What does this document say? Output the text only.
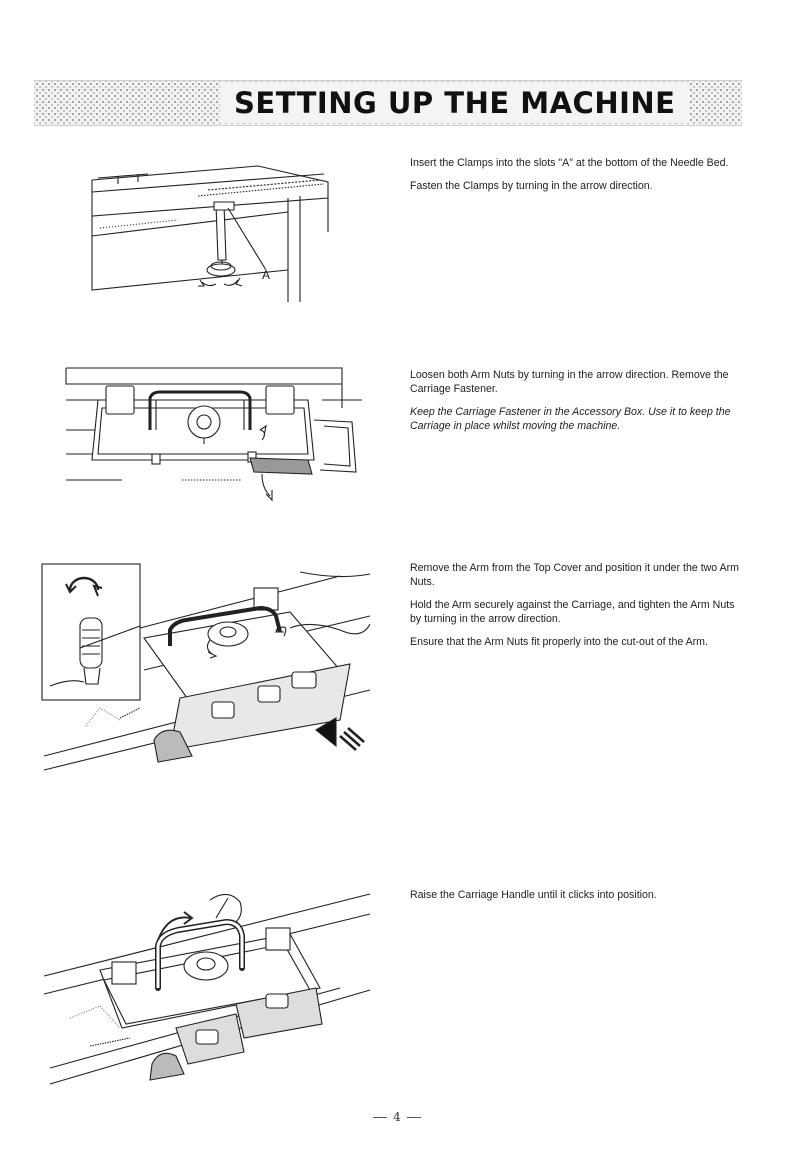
SETTING UP THE MACHINE
A

Insert the Clamps into the slots "A" at the bottom of the Needle Bed.

Fasten the Clamps by turning in the arrow direction.

Loosen both Arm Nuts by turning in the arrow direction. Remove the Carriage Fastener.

Keep the Carriage Fastener in the Accessory Box. Use it to keep the Carriage in place whilst moving the machine.

Remove the Arm from the Top Cover and position it under the two Arm Nuts.

Hold the Arm securely against the Carriage, and tighten the Arm Nuts by turning in the arrow direction.

Ensure that the Arm Nuts fit properly into the cut-out of the Arm.

Raise the Carriage Handle until it clicks into position.

4
